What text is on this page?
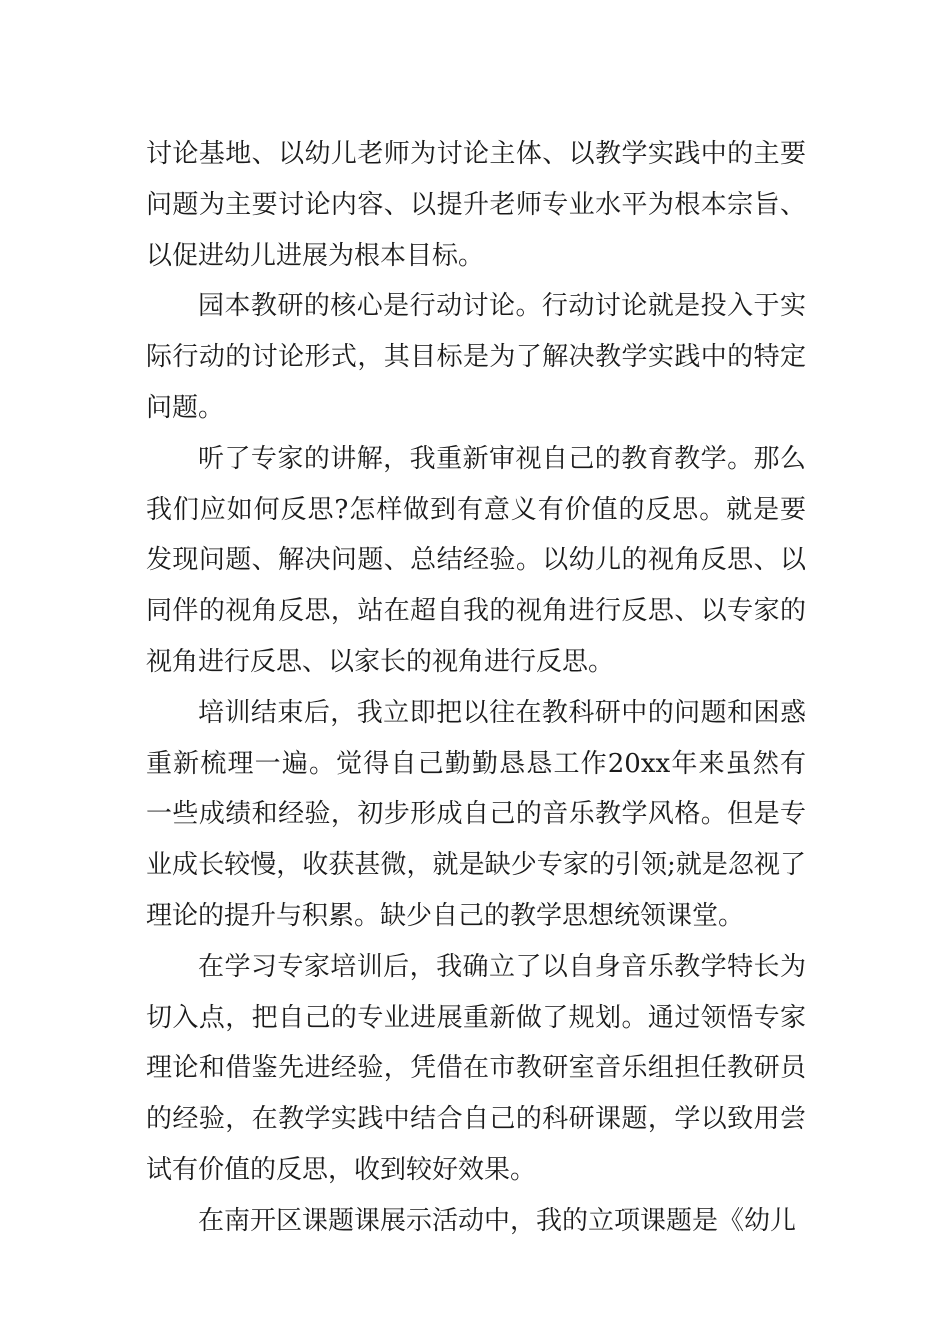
讨论基地、以幼儿老师为讨论主体、以教学实践中的主要问题为主要讨论内容、以提升老师专业水平为根本宗旨、以促进幼儿进展为根本目标。

园本教研的核心是行动讨论。行动讨论就是投入于实际行动的讨论形式，其目标是为了解决教学实践中的特定问题。

听了专家的讲解，我重新审视自己的教育教学。那么我们应如何反思?怎样做到有意义有价值的反思。就是要发现问题、解决问题、总结经验。以幼儿的视角反思、以同伴的视角反思，站在超自我的视角进行反思、以专家的视角进行反思、以家长的视角进行反思。

培训结束后，我立即把以往在教科研中的问题和困惑重新梳理一遍。觉得自己勤勤恳恳工作20xx年来虽然有一些成绩和经验，初步形成自己的音乐教学风格。但是专业成长较慢，收获甚微，就是缺少专家的引领;就是忽视了理论的提升与积累。缺少自己的教学思想统领课堂。

在学习专家培训后，我确立了以自身音乐教学特长为切入点，把自己的专业进展重新做了规划。通过领悟专家理论和借鉴先进经验，凭借在市教研室音乐组担任教研员的经验，在教学实践中结合自己的科研课题，学以致用尝试有价值的反思，收到较好效果。

在南开区课题课展示活动中，我的立项课题是《幼儿
